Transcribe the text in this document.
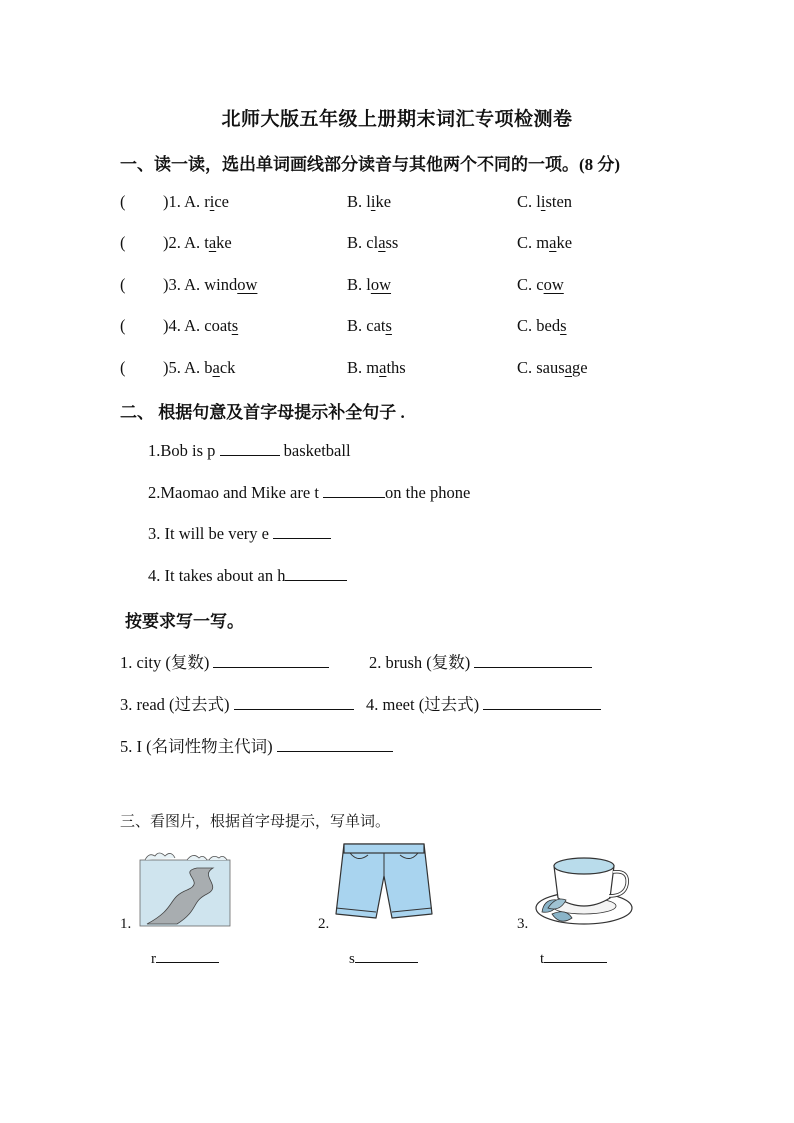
北师大版五年级上册期末词汇专项检测卷
一、读一读，选出单词画线部分读音与其他两个不同的一项。(8 分)
( )1. A. rice	B. like	C. listen
( )2. A. take	B. class	C. make
( )3. A. window	B. low	C. cow
( )4. A. coats	B. cats	C. beds
( )5. A. back	B. maths	C. sausage
二、 根据句意及首字母提示补全句子 .
1.Bob is p	basketball
2.Maomao and Mike are t	on the phone
3. It will be very e
4. It takes about an h
按要求写一写。
1. city (复数)	2. brush (复数)
3. read (过去式)	4. meet (过去式)
5. I (名词性物主代词)
三、看图片，根据首字母提示，写单词。
1.
r
2.
s
3.
t
